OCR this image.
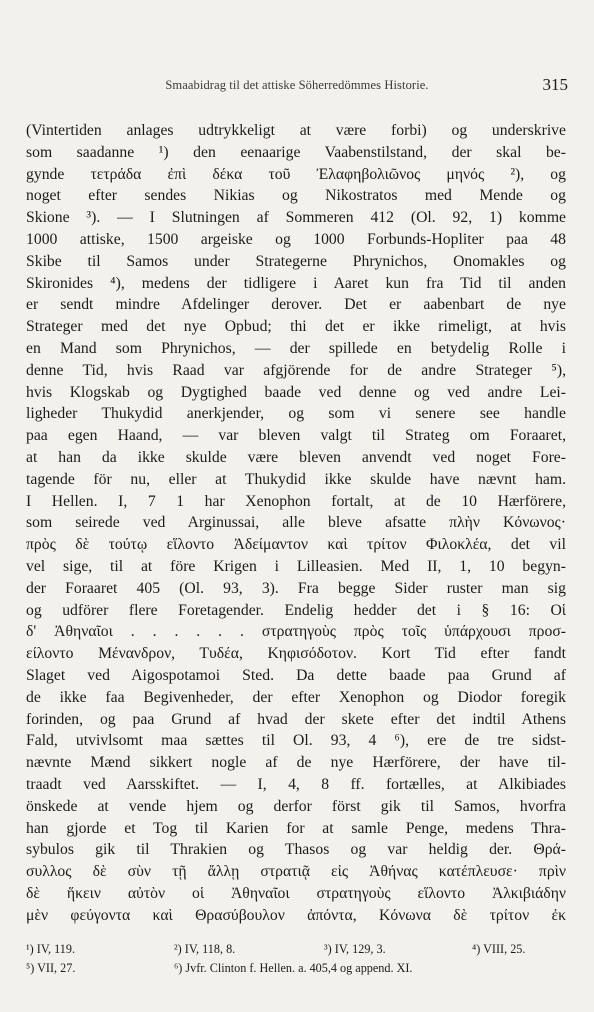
Smaabidrag til det attiske Söherredömmes Historie.	315
(Vintertiden anlages udtrykkeligt at være forbi) og underskrive
som saadanne ¹) den eenaarige Vaabenstilstand, der skal be-
gynde τετράδα ἐπὶ δέκα τοῦ Ἐλαφηβολιῶνος μηνός ²), og
noget efter sendes Nikias og Nikostratos med Mende og
Skione ³). — I Slutningen af Sommeren 412 (Ol. 92, 1) komme
1000 attiske, 1500 argeiske og 1000 Forbunds-Hopliter paa 48
Skibe til Samos under Strategerne Phrynichos, Onomakles og
Skironides ⁴), medens der tidligere i Aaret kun fra Tid til anden
er sendt mindre Afdelinger derover. Det er aabenbart de nye
Strateger med det nye Opbud; thi det er ikke rimeligt, at hvis
en Mand som Phrynichos, — der spillede en betydelig Rolle i
denne Tid, hvis Raad var afgjörende for de andre Strateger ⁵),
hvis Klogskab og Dygtighed baade ved denne og ved andre Lei-
ligheder Thukydid anerkjender, og som vi senere see handle
paa egen Haand, — var bleven valgt til Strateg om Foraaret,
at han da ikke skulde være bleven anvendt ved noget Fore-
tagende för nu, eller at Thukydid ikke skulde have nævnt ham.
I Hellen. I, 7 1 har Xenophon fortalt, at de 10 Hærförere,
som seirede ved Arginussai, alle bleve afsatte πλὴν Κόνωνος·
πρὸς δὲ τούτῳ εἵλοντο Ἀδείμαντον καὶ τρίτον Φιλοκλέα, det vil
vel sige, til at före Krigen i Lilleasien. Med II, 1, 10 begyn-
der Foraaret 405 (Ol. 93, 3). Fra begge Sider ruster man sig
og udförer flere Foretagender. Endelig hedder det i § 16: Οἱ
δ' Ἀθηναῖοι . . . . . . στρατηγοὺς πρὸς τοῖς ὑπάρχουσι προσ-
είλοντο Μένανδρον, Τυδέα, Κηφισόδοτον. Kort Tid efter fandt
Slaget ved Aigospotamoi Sted. Da dette baade paa Grund af
de ikke faa Begivenheder, der efter Xenophon og Diodor foregik
forinden, og paa Grund af hvad der skete efter det indtil Athens
Fald, utvivlsomt maa sættes til Ol. 93, 4 ⁶), ere de tre sidst-
nævnte Mænd sikkert nogle af de nye Hærförere, der have til-
traadt ved Aarsskiftet. — I, 4, 8 ff. fortælles, at Alkibiades
önskede at vende hjem og derfor först gik til Samos, hvorfra
han gjorde et Tog til Karien for at samle Penge, medens Thra-
sybulos gik til Thrakien og Thasos og var heldig der. Θρά-
συλλος δὲ σὺν τῇ ἄλλῃ στρατιᾷ εἰς Ἀθήνας κατέπλευσε· πρὶν
δὲ ἥκειν αὐτὸν οἱ Ἀθηναῖοι στρατηγοὺς εἵλοντο Ἀλκιβιάδην
μὲν φεύγοντα καὶ Θρασύβουλον ἀπόντα, Κόνωνα δὲ τρίτον ἐκ
¹) IV, 119.	²) IV, 118, 8.	³) IV, 129, 3.	⁴) VIII, 25.
⁵) VII, 27.	⁶) Jvfr. Clinton f. Hellen. a. 405,4 og append. XI.
